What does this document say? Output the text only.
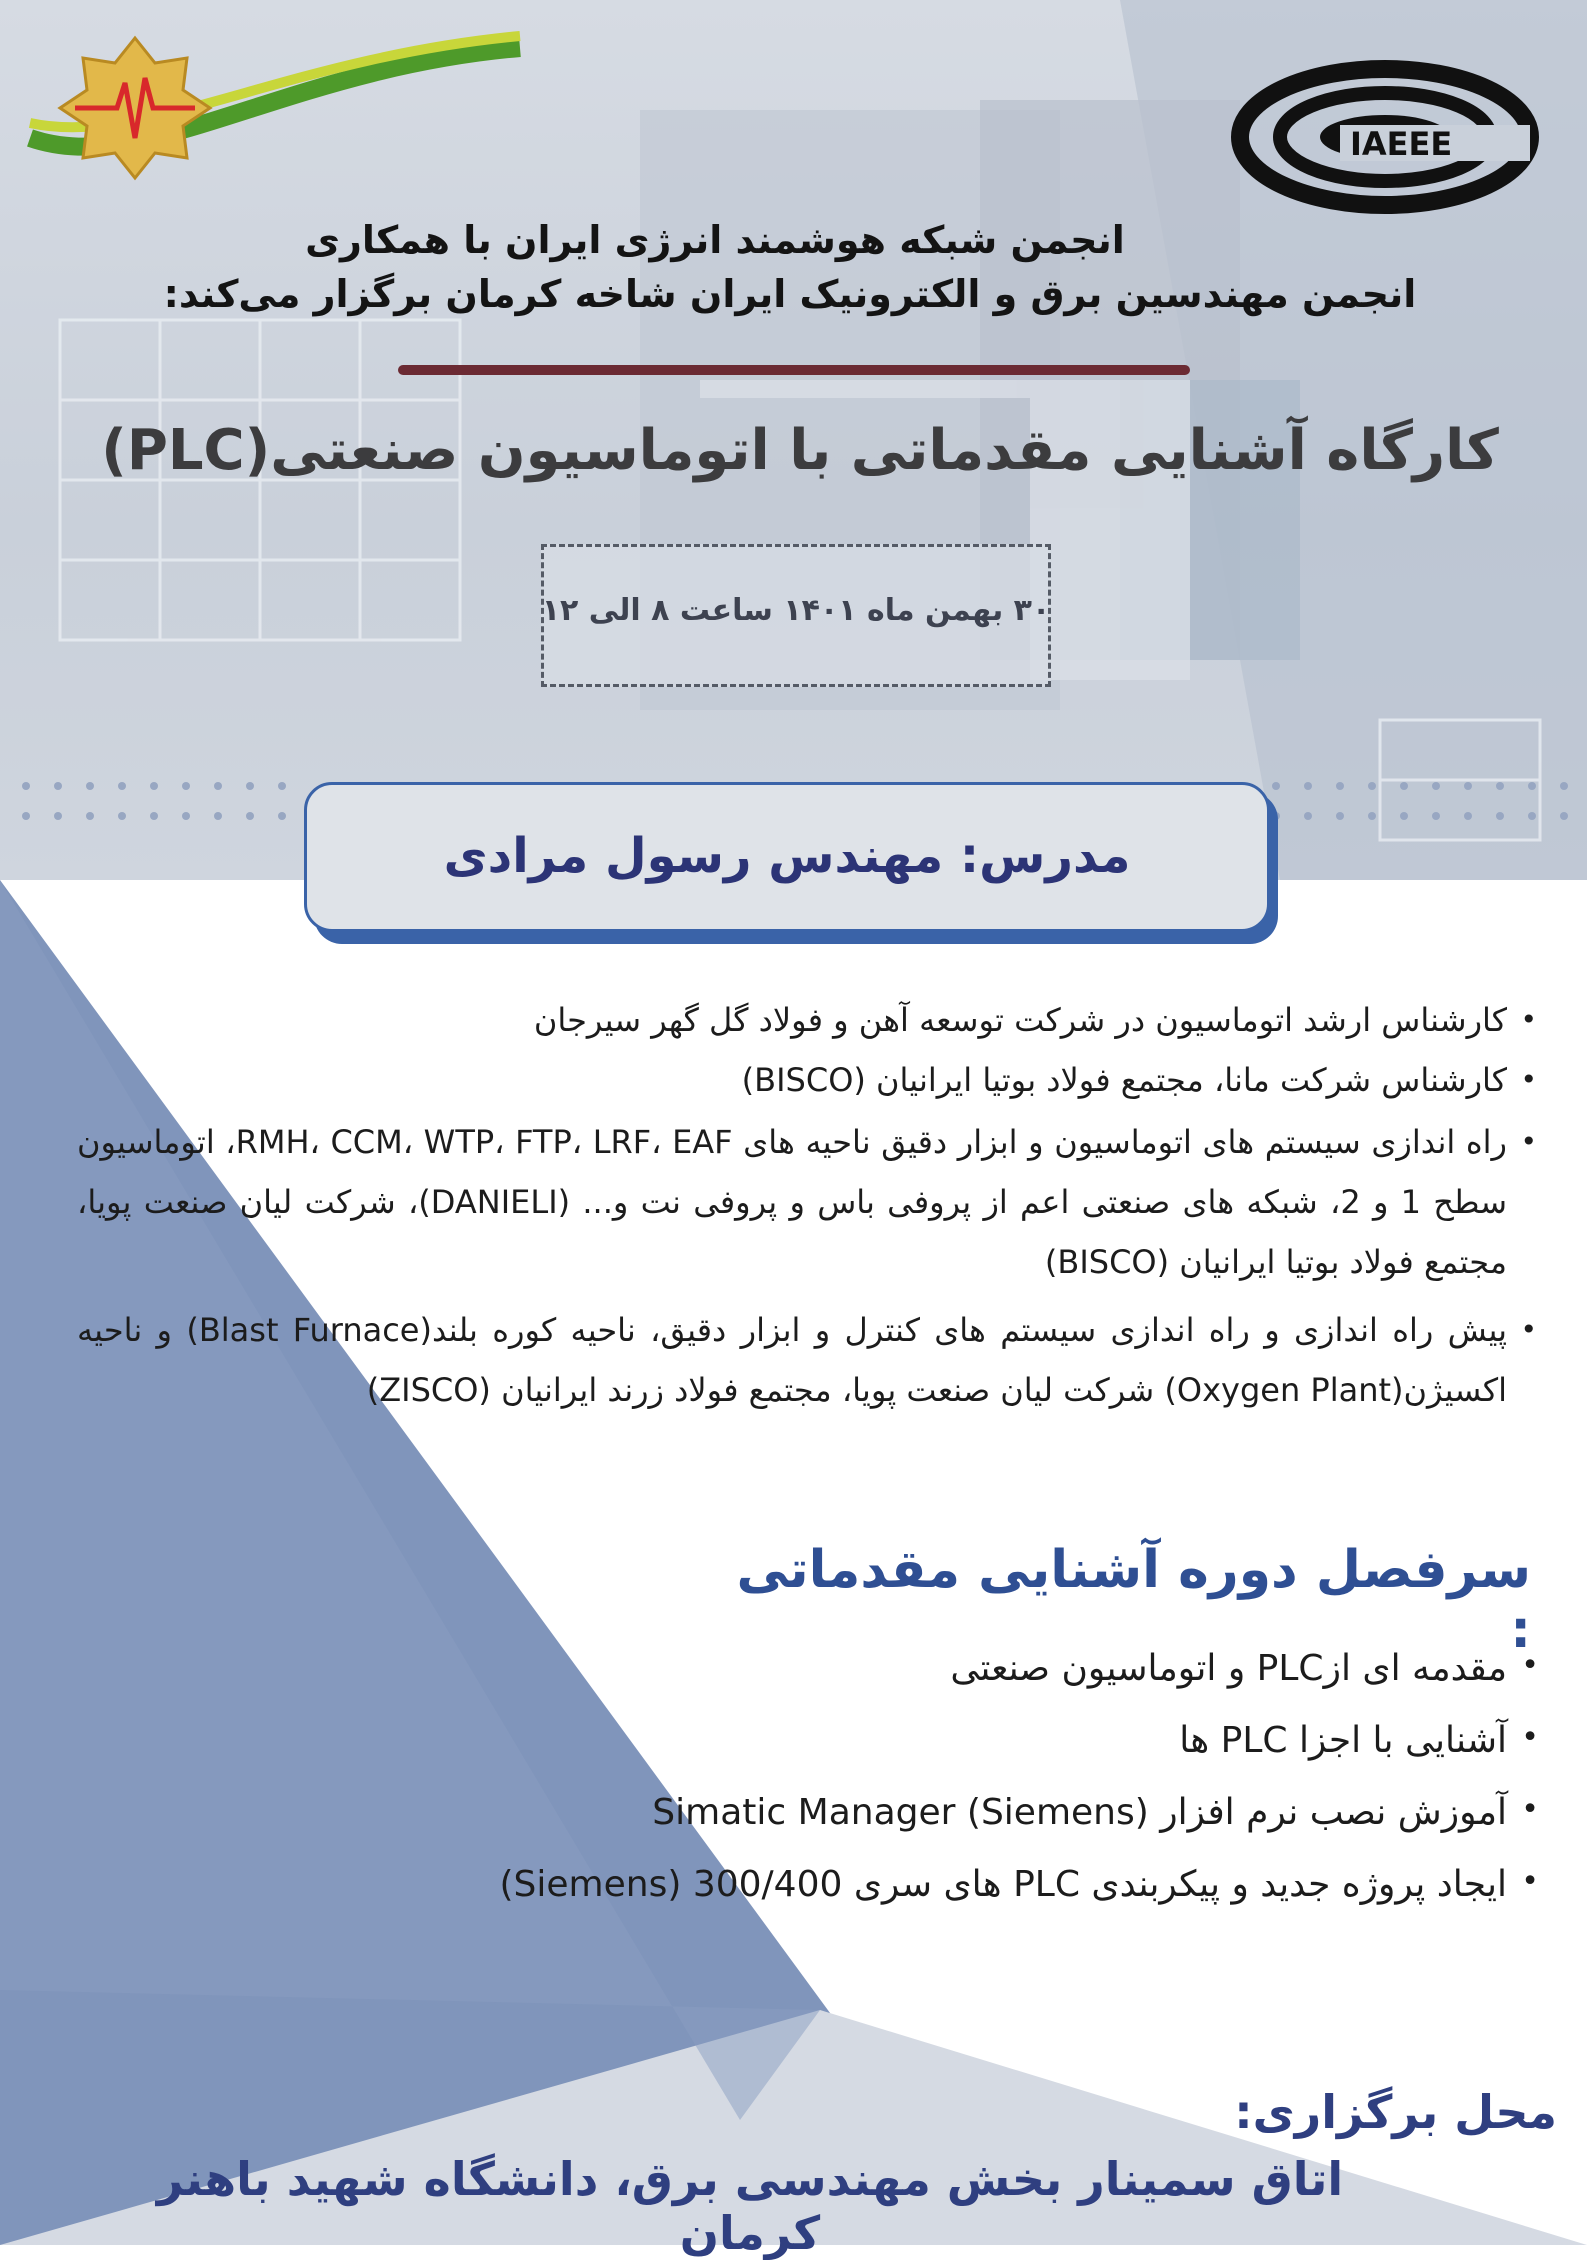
IAEEE
انجمن شبکه هوشمند انرژی ایران با همکاری
انجمن مهندسین برق و الکترونیک ایران شاخه کرمان برگزار می‌کند:
کارگاه آشنایی مقدماتی با اتوماسیون صنعتی(PLC)
۳۰ بهمن ماه ۱۴۰۱ ساعت ۸ الی ۱۲
مدرس: مهندس رسول مرادی
• کارشناس ارشد اتوماسیون در شرکت توسعه آهن و فولاد گل گهر سیرجان
• کارشناس شرکت مانا، مجتمع فولاد بوتیا ایرانیان (BISCO)
• راه اندازی سیستم های اتوماسیون و ابزار دقیق ناحیه های RMH، CCM، WTP، FTP، LRF، EAF، اتوماسیون سطح 1 و 2، شبکه های صنعتی اعم از پروفی باس و پروفی نت و... (DANIELI)، شرکت لیان صنعت پویا، مجتمع فولاد بوتیا ایرانیان (BISCO)
• پیش راه اندازی و راه اندازی سیستم های کنترل و ابزار دقیق، ناحیه کوره بلند(Blast Furnace) و ناحیه اکسیژن(Oxygen Plant) شرکت لیان صنعت پویا، مجتمع فولاد زرند ایرانیان (ZISCO)
سرفصل دوره آشنایی مقدماتی :
• مقدمه ای ازPLC و اتوماسیون صنعتی
• آشنایی با اجزا PLC ها
• آموزش نصب نرم افزار (Siemens) Simatic Manager
• ایجاد پروژه جدید و پیکربندی PLC های سری 300/400 (Siemens)
محل برگزاری:
اتاق سمینار بخش مهندسی برق، دانشگاه شهید باهنر کرمان
